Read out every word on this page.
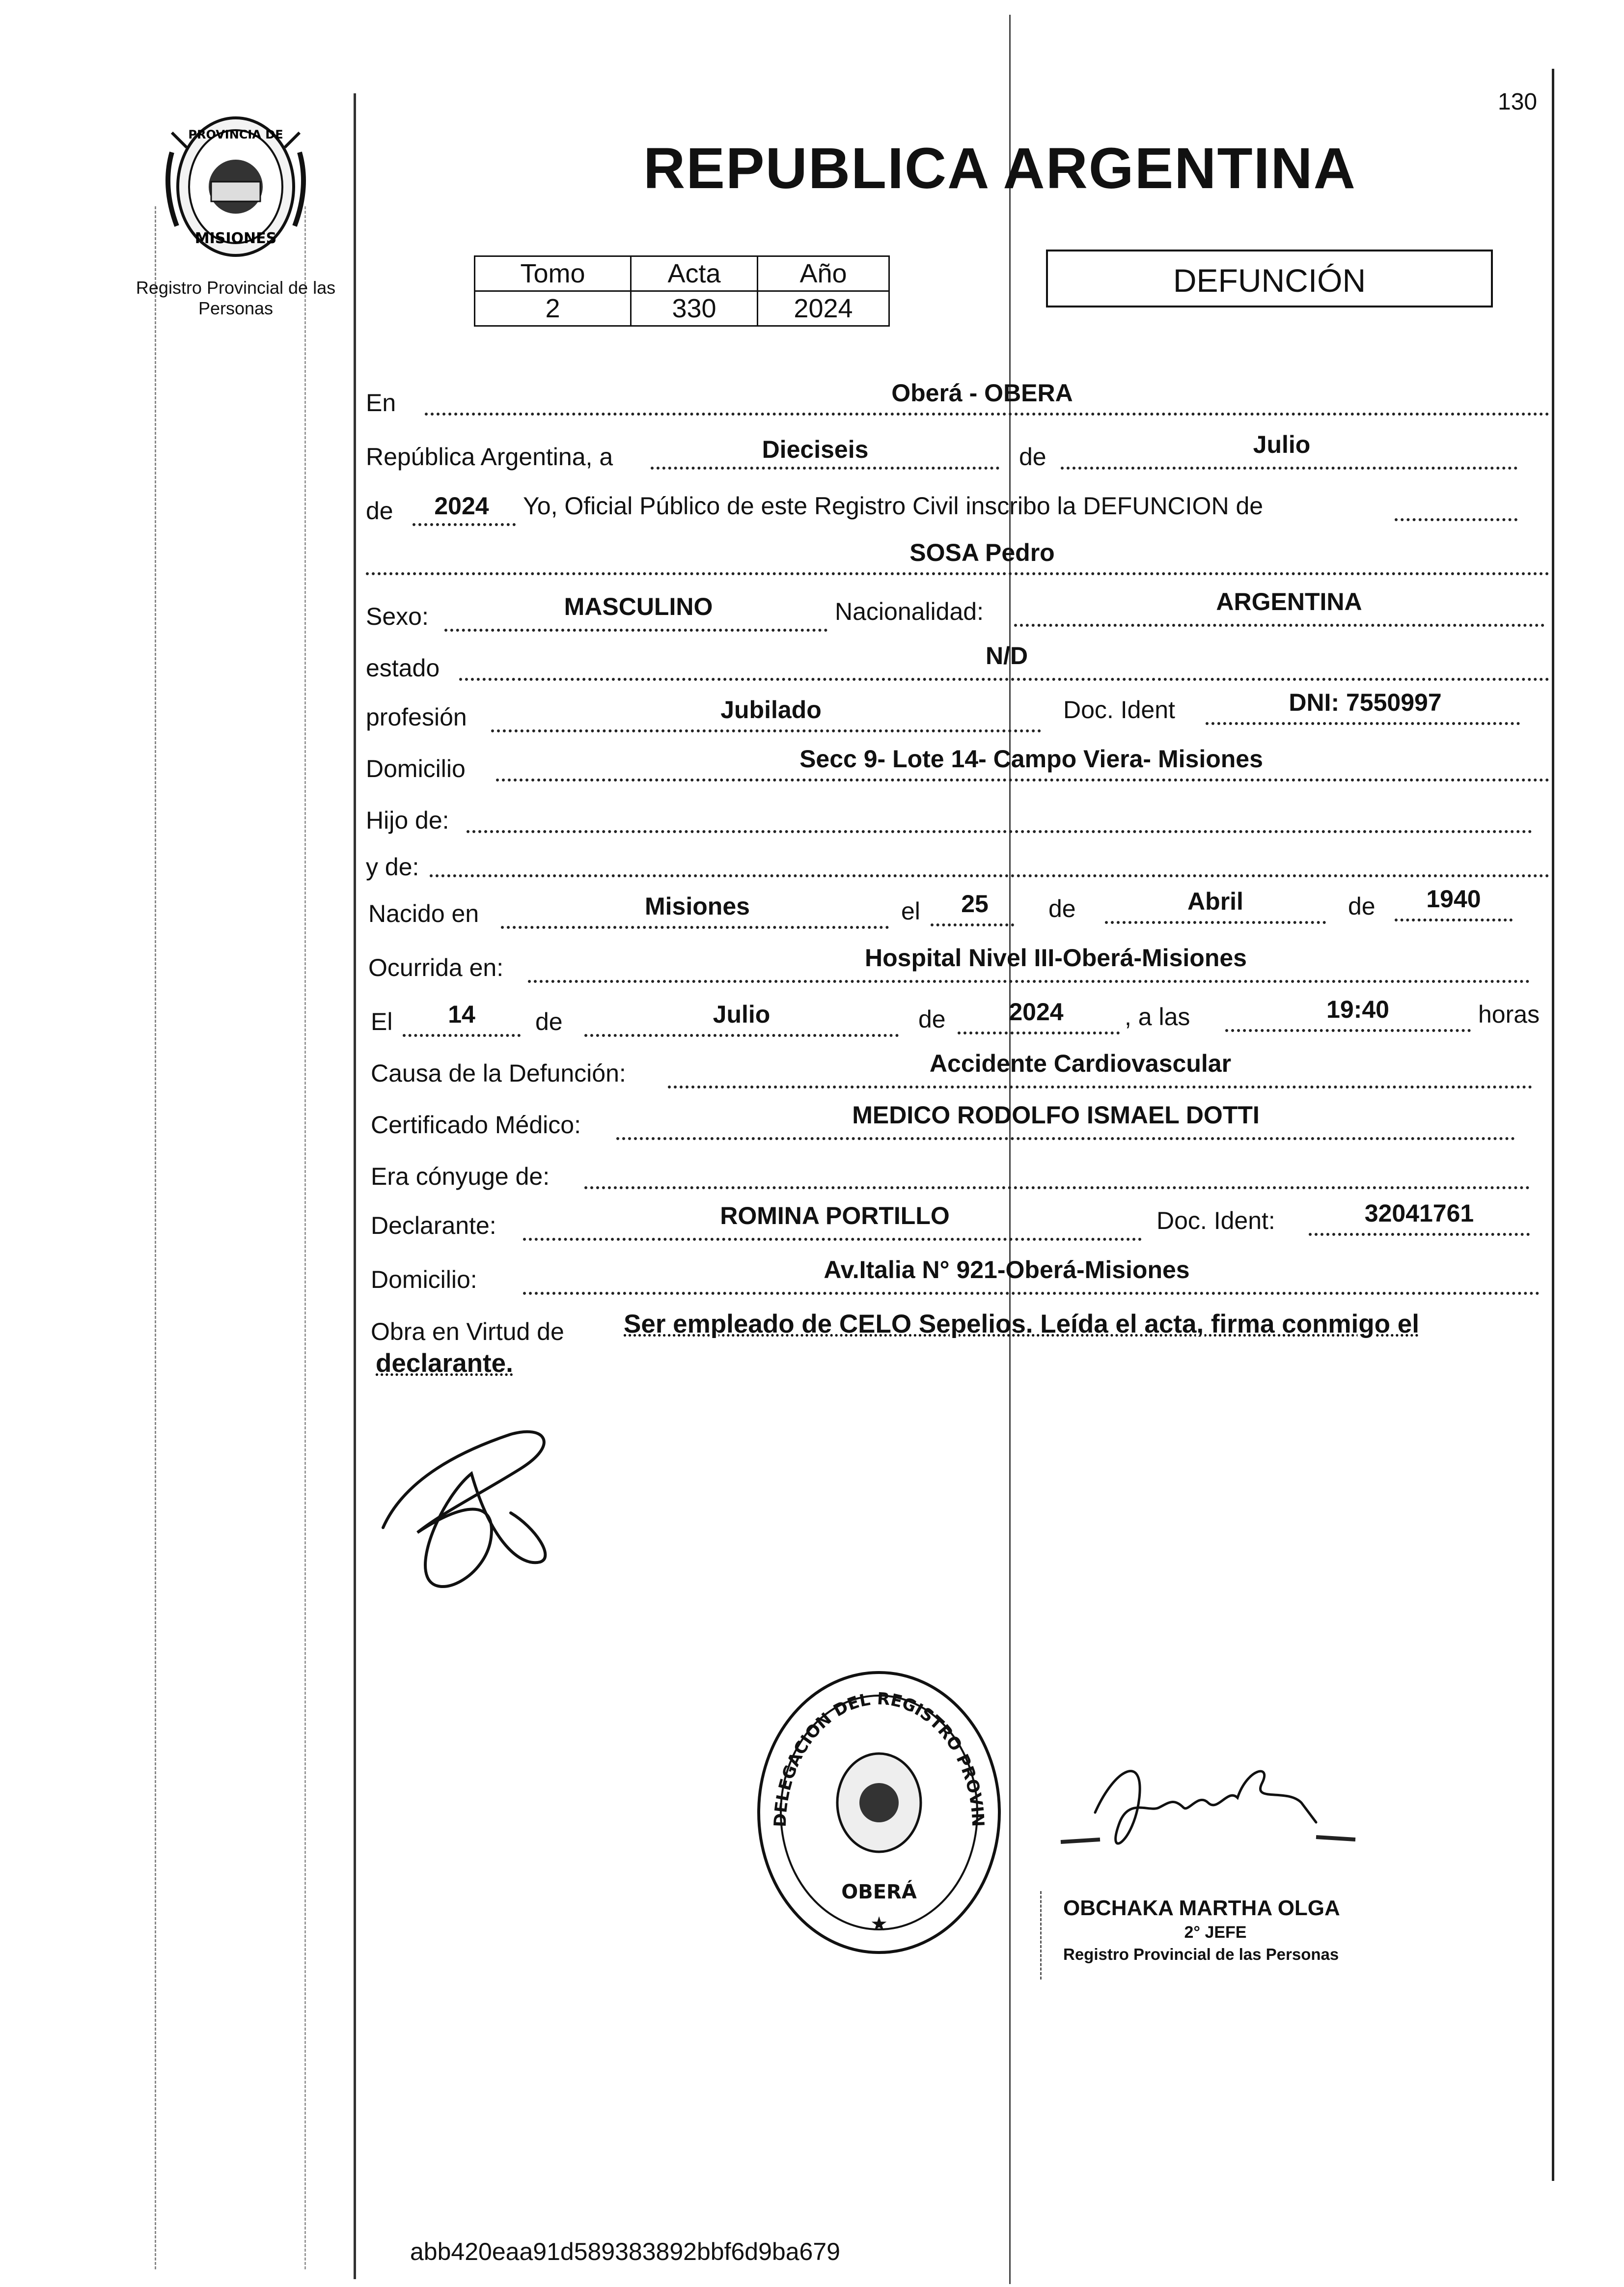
130
PROVINCIA DE
MISIONES
Registro Provincial de las Personas
REPUBLICA ARGENTINA
Tomo	Acta	Año
2	330	2024
DEFUNCIÓN
En	Oberá - OBERA
República Argentina, a	Dieciseis	de	Julio
de	2024	Yo, Oficial Público de este Registro Civil inscribo la DEFUNCION de
SOSA Pedro
Sexo:	MASCULINO	Nacionalidad:	ARGENTINA
estado	N/D
profesión	Jubilado	Doc. Ident	DNI: 7550997
Domicilio	Secc 9- Lote 14- Campo Viera- Misiones
Hijo de:
y de:
Nacido en	Misiones	el	25	de	Abril	de	1940
Ocurrida en:	Hospital Nivel III-Oberá-Misiones
El	14	de	Julio	de	2024	, a las	19:40	horas
Causa de la Defunción:	Accidente Cardiovascular
Certificado Médico:	MEDICO RODOLFO ISMAEL DOTTI
Era cónyuge de:
Declarante:	ROMINA PORTILLO	Doc. Ident:	32041761
Domicilio:	Av.Italia N° 921-Oberá-Misiones
Obra en Virtud de Ser empleado de CELO Sepelios. Leída el acta, firma conmigo el
declarante.
DELEGACION DEL REGISTRO PROVIN
OBERÁ
★
OBCHAKA MARTHA OLGA
2° JEFE
Registro Provincial de las Personas
abb420eaa91d589383892bbf6d9ba679
